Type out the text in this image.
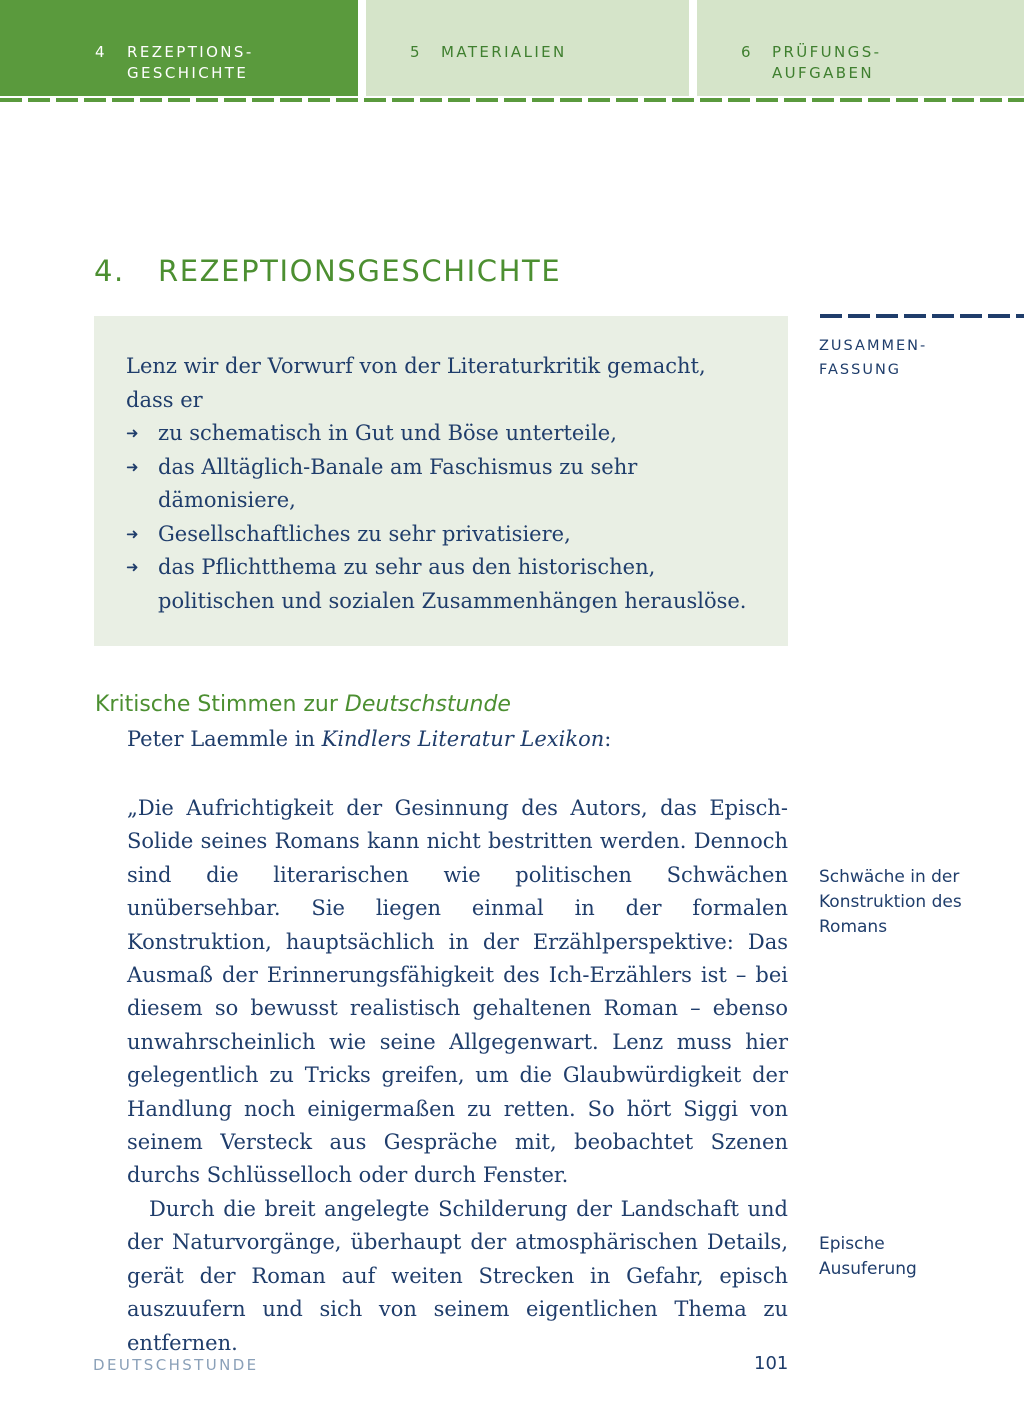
4 REZEPTIONS-
GESCHICHTE
5 MATERIALIEN	6 PRÜFUNGS-
AUFGABEN
4. REZEPTIONSGESCHICHTE

Lenz wir der Vorwurf von der Literaturkritik gemacht, dass er

➜ zu schematisch in Gut und Böse unterteile,
➜ das Alltäglich-Banale am Faschismus zu sehr dämonisiere,
➜ Gesellschaftliches zu sehr privatisiere,
➜ das Pflichtthema zu sehr aus den historischen, politischen und sozialen Zusammenhängen herauslöse.
ZUSAMMEN-
FASSUNG
Schwäche in der
Konstruktion des
Romans
Epische
Ausuferung
Kritische Stimmen zur Deutschstunde
Peter Laemmle in Kindlers Literatur Lexikon:

„Die Aufrichtigkeit der Gesinnung des Autors, das Episch-Solide seines Romans kann nicht bestritten werden. Dennoch sind die literarischen wie politischen Schwächen unübersehbar. Sie liegen einmal in der formalen Konstruktion, hauptsächlich in der Erzählperspektive: Das Ausmaß der Erinnerungsfähigkeit des Ich-Erzählers ist – bei diesem so bewusst realistisch gehaltenen Roman – ebenso unwahrscheinlich wie seine Allgegenwart. Lenz muss hier gelegentlich zu Tricks greifen, um die Glaubwürdigkeit der Handlung noch einigermaßen zu retten. So hört Siggi von seinem Versteck aus Gespräche mit, beobachtet Szenen durchs Schlüsselloch oder durch Fenster.

Durch die breit angelegte Schilderung der Landschaft und der Naturvorgänge, überhaupt der atmosphärischen Details, gerät der Roman auf weiten Strecken in Gefahr, episch auszuufern und sich von seinem eigentlichen Thema zu entfernen.

DEUTSCHSTUNDE	101
